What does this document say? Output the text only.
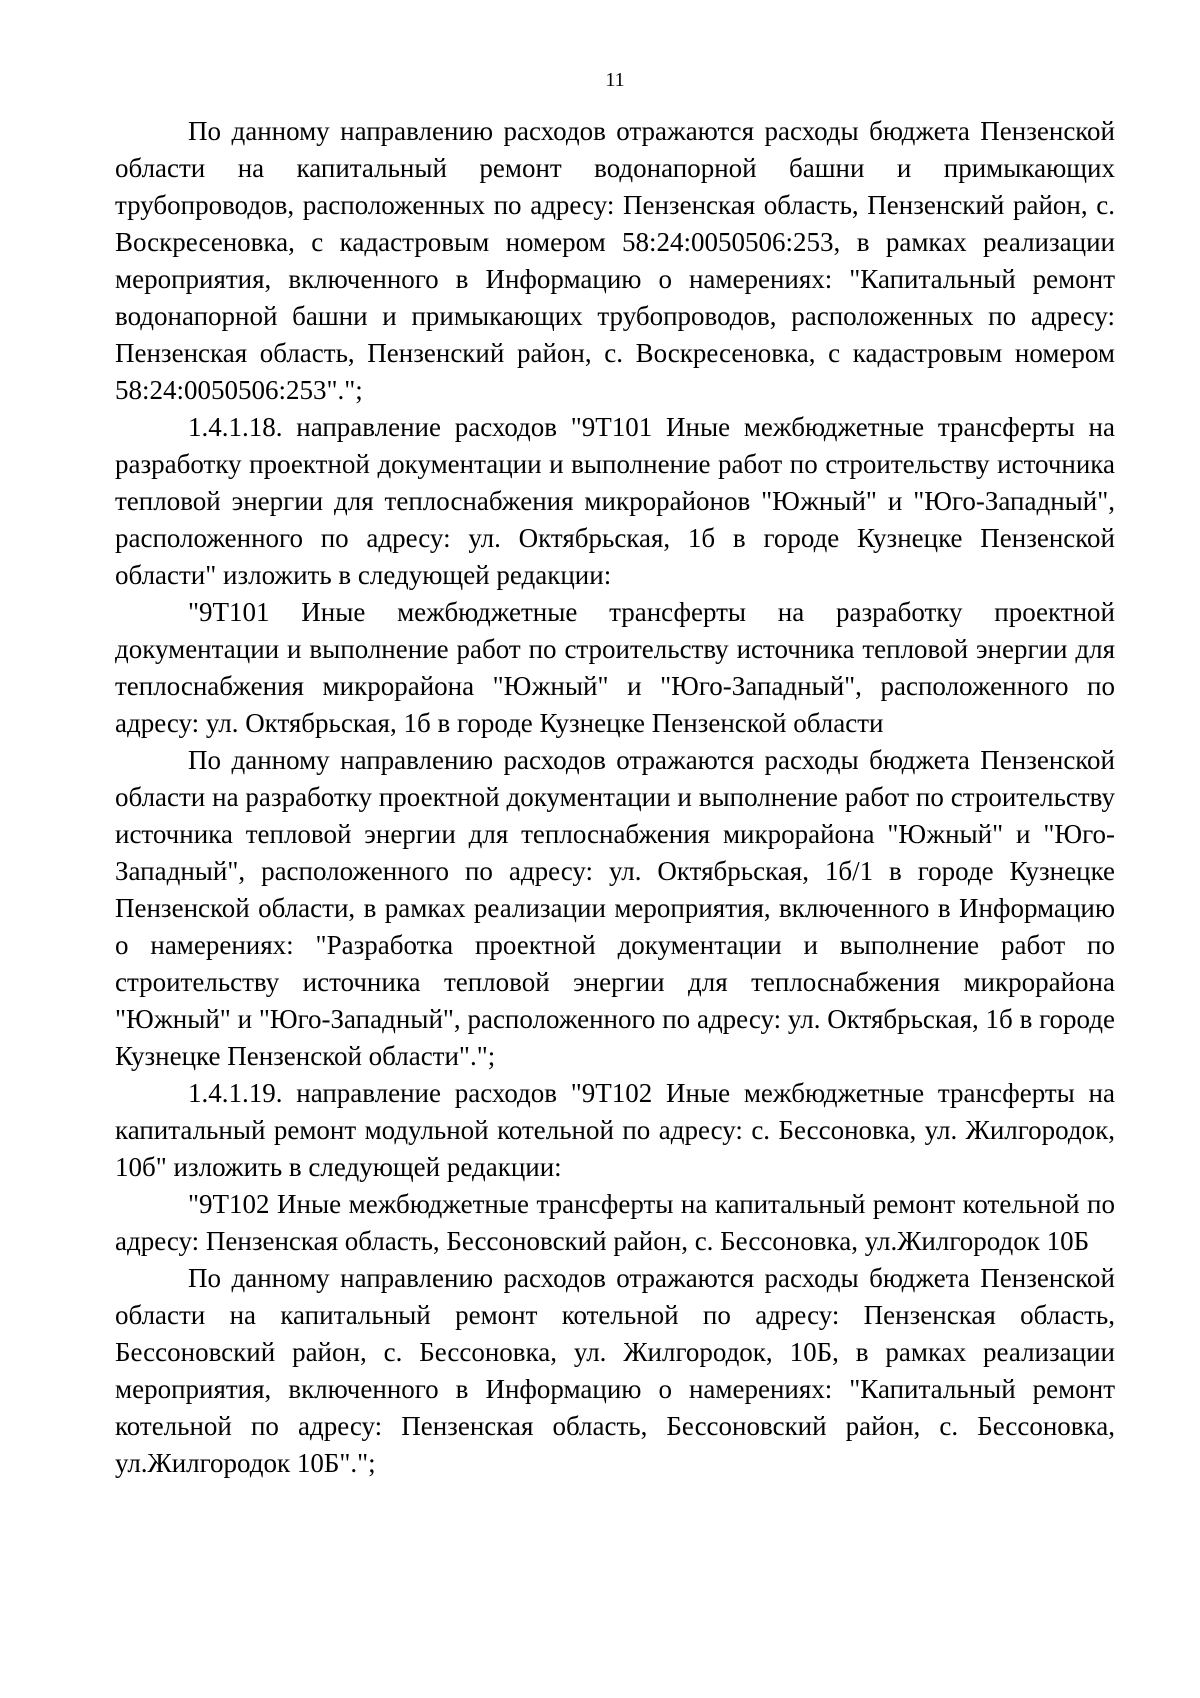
11

По данному направлению расходов отражаются расходы бюджета Пензенской области на капитальный ремонт водонапорной башни и примыкающих трубопроводов, расположенных по адресу: Пензенская область, Пензенский район, с. Воскресеновка, с кадастровым номером 58:24:0050506:253, в рамках реализации мероприятия, включенного в Информацию о намерениях: "Капитальный ремонт водонапорной башни и примыкающих трубопроводов, расположенных по адресу: Пензенская область, Пензенский район, с. Воскресеновка, с кадастровым номером 58:24:0050506:253".";

1.4.1.18. направление расходов "9Т101 Иные межбюджетные трансферты на разработку проектной документации и выполнение работ по строительству источника тепловой энергии для теплоснабжения микрорайонов "Южный" и "Юго-Западный", расположенного по адресу: ул. Октябрьская, 1б в городе Кузнецке Пензенской области" изложить в следующей редакции:

"9Т101 Иные межбюджетные трансферты на разработку проектной документации и выполнение работ по строительству источника тепловой энергии для теплоснабжения микрорайона "Южный" и "Юго-Западный", расположенного по адресу: ул. Октябрьская, 1б в городе Кузнецке Пензенской области

По данному направлению расходов отражаются расходы бюджета Пензенской области на разработку проектной документации и выполнение работ по строительству источника тепловой энергии для теплоснабжения микрорайона "Южный" и "Юго-Западный", расположенного по адресу: ул. Октябрьская, 1б/1 в городе Кузнецке Пензенской области, в рамках реализации мероприятия, включенного в Информацию о намерениях: "Разработка проектной документации и выполнение работ по строительству источника тепловой энергии для теплоснабжения микрорайона "Южный" и "Юго-Западный", расположенного по адресу: ул. Октябрьская, 1б в городе Кузнецке Пензенской области".";

1.4.1.19. направление расходов "9Т102 Иные межбюджетные трансферты на капитальный ремонт модульной котельной по адресу: с. Бессоновка, ул. Жилгородок, 10б" изложить в следующей редакции:

"9Т102 Иные межбюджетные трансферты на капитальный ремонт котельной по адресу: Пензенская область, Бессоновский район, с. Бессоновка, ул.Жилгородок 10Б

По данному направлению расходов отражаются расходы бюджета Пензенской области на капитальный ремонт котельной по адресу: Пензенская область, Бессоновский район, с. Бессоновка, ул. Жилгородок, 10Б, в рамках реализации мероприятия, включенного в Информацию о намерениях: "Капитальный ремонт котельной по адресу: Пензенская область, Бессоновский район, с. Бессоновка, ул.Жилгородок 10Б".";
